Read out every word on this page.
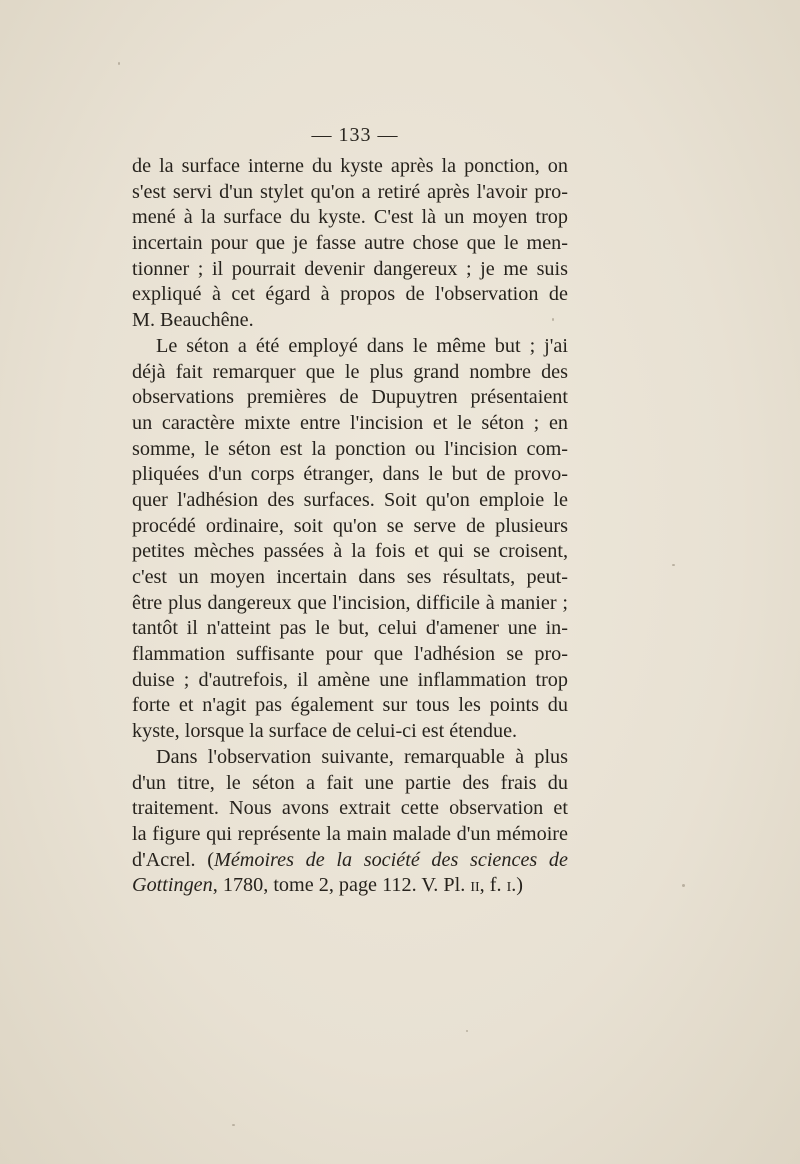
— 133 —
de la surface interne du kyste après la ponction, on
s'est servi d'un stylet qu'on a retiré après l'avoir pro-
mené à la surface du kyste. C'est là un moyen trop
incertain pour que je fasse autre chose que le men-
tionner ; il pourrait devenir dangereux ; je me suis
expliqué à cet égard à propos de l'observation de
M. Beauchêne.
Le séton a été employé dans le même but ; j'ai
déjà fait remarquer que le plus grand nombre des
observations premières de Dupuytren présentaient
un caractère mixte entre l'incision et le séton ; en
somme, le séton est la ponction ou l'incision com-
pliquées d'un corps étranger, dans le but de provo-
quer l'adhésion des surfaces. Soit qu'on emploie le
procédé ordinaire, soit qu'on se serve de plusieurs
petites mèches passées à la fois et qui se croisent,
c'est un moyen incertain dans ses résultats, peut-
être plus dangereux que l'incision, difficile à manier ;
tantôt il n'atteint pas le but, celui d'amener une in-
flammation suffisante pour que l'adhésion se pro-
duise ; d'autrefois, il amène une inflammation trop
forte et n'agit pas également sur tous les points du
kyste, lorsque la surface de celui-ci est étendue.
Dans l'observation suivante, remarquable à plus
d'un titre, le séton a fait une partie des frais du
traitement. Nous avons extrait cette observation et
la figure qui représente la main malade d'un mémoire
d'Acrel. (Mémoires de la société des sciences de
Gottingen, 1780, tome 2, page 112. V. Pl. ii, f. i.)
